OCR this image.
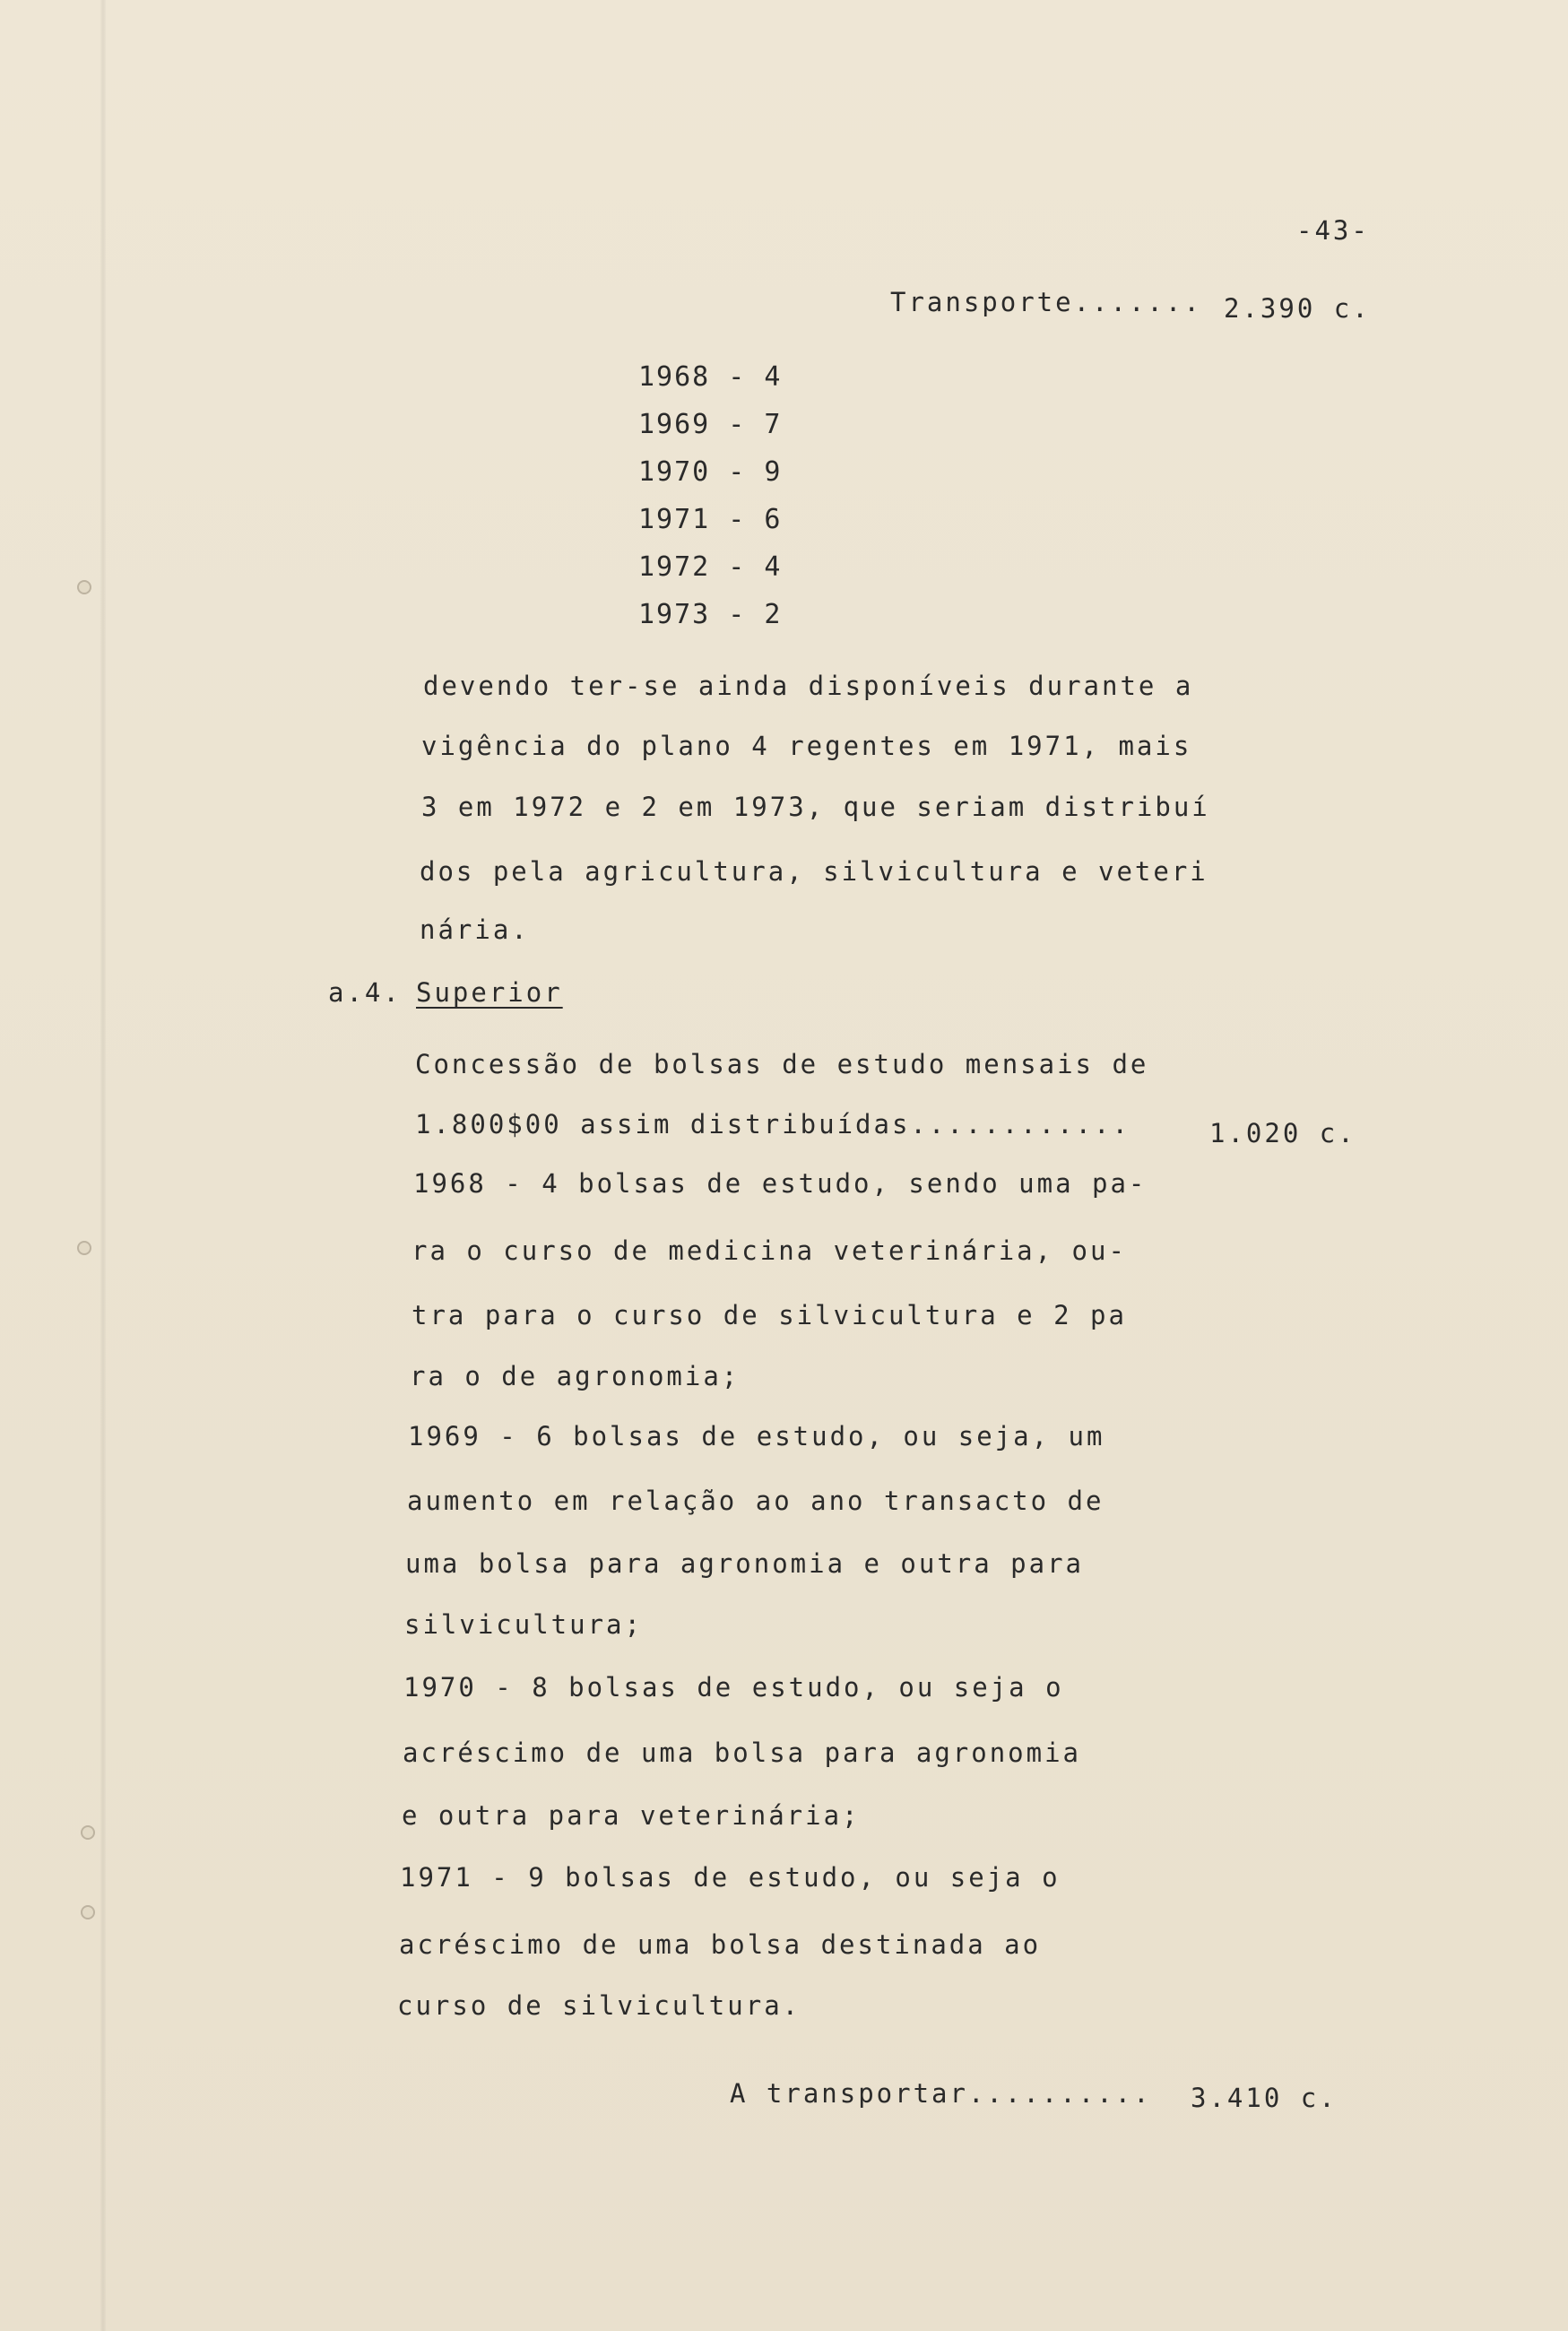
-43-
Transporte....... 2.390 c.
1968 - 4
1969 - 7
1970 - 9
1971 - 6
1972 - 4
1973 - 2
devendo ter-se ainda disponíveis durante a
vigência do plano 4 regentes em 1971, mais
3 em 1972 e 2 em 1973, que seriam distribuí
dos pela agricultura, silvicultura e veteri
nária.
a.4. Superior
Concessão de bolsas de estudo mensais de
1.800$00 assim distribuídas............	1.020 c.
1968 - 4 bolsas de estudo, sendo uma pa-
ra o curso de medicina veterinária, ou-
tra para o curso de silvicultura e 2 pa
ra o de agronomia;
1969 - 6 bolsas de estudo, ou seja, um
aumento em relação ao ano transacto de
uma bolsa para agronomia e outra para
silvicultura;
1970 - 8 bolsas de estudo, ou seja o
acréscimo de uma bolsa para agronomia
e outra para veterinária;
1971 - 9 bolsas de estudo, ou seja o
acréscimo de uma bolsa destinada ao
curso de silvicultura.
A transportar.......... 3.410 c.
